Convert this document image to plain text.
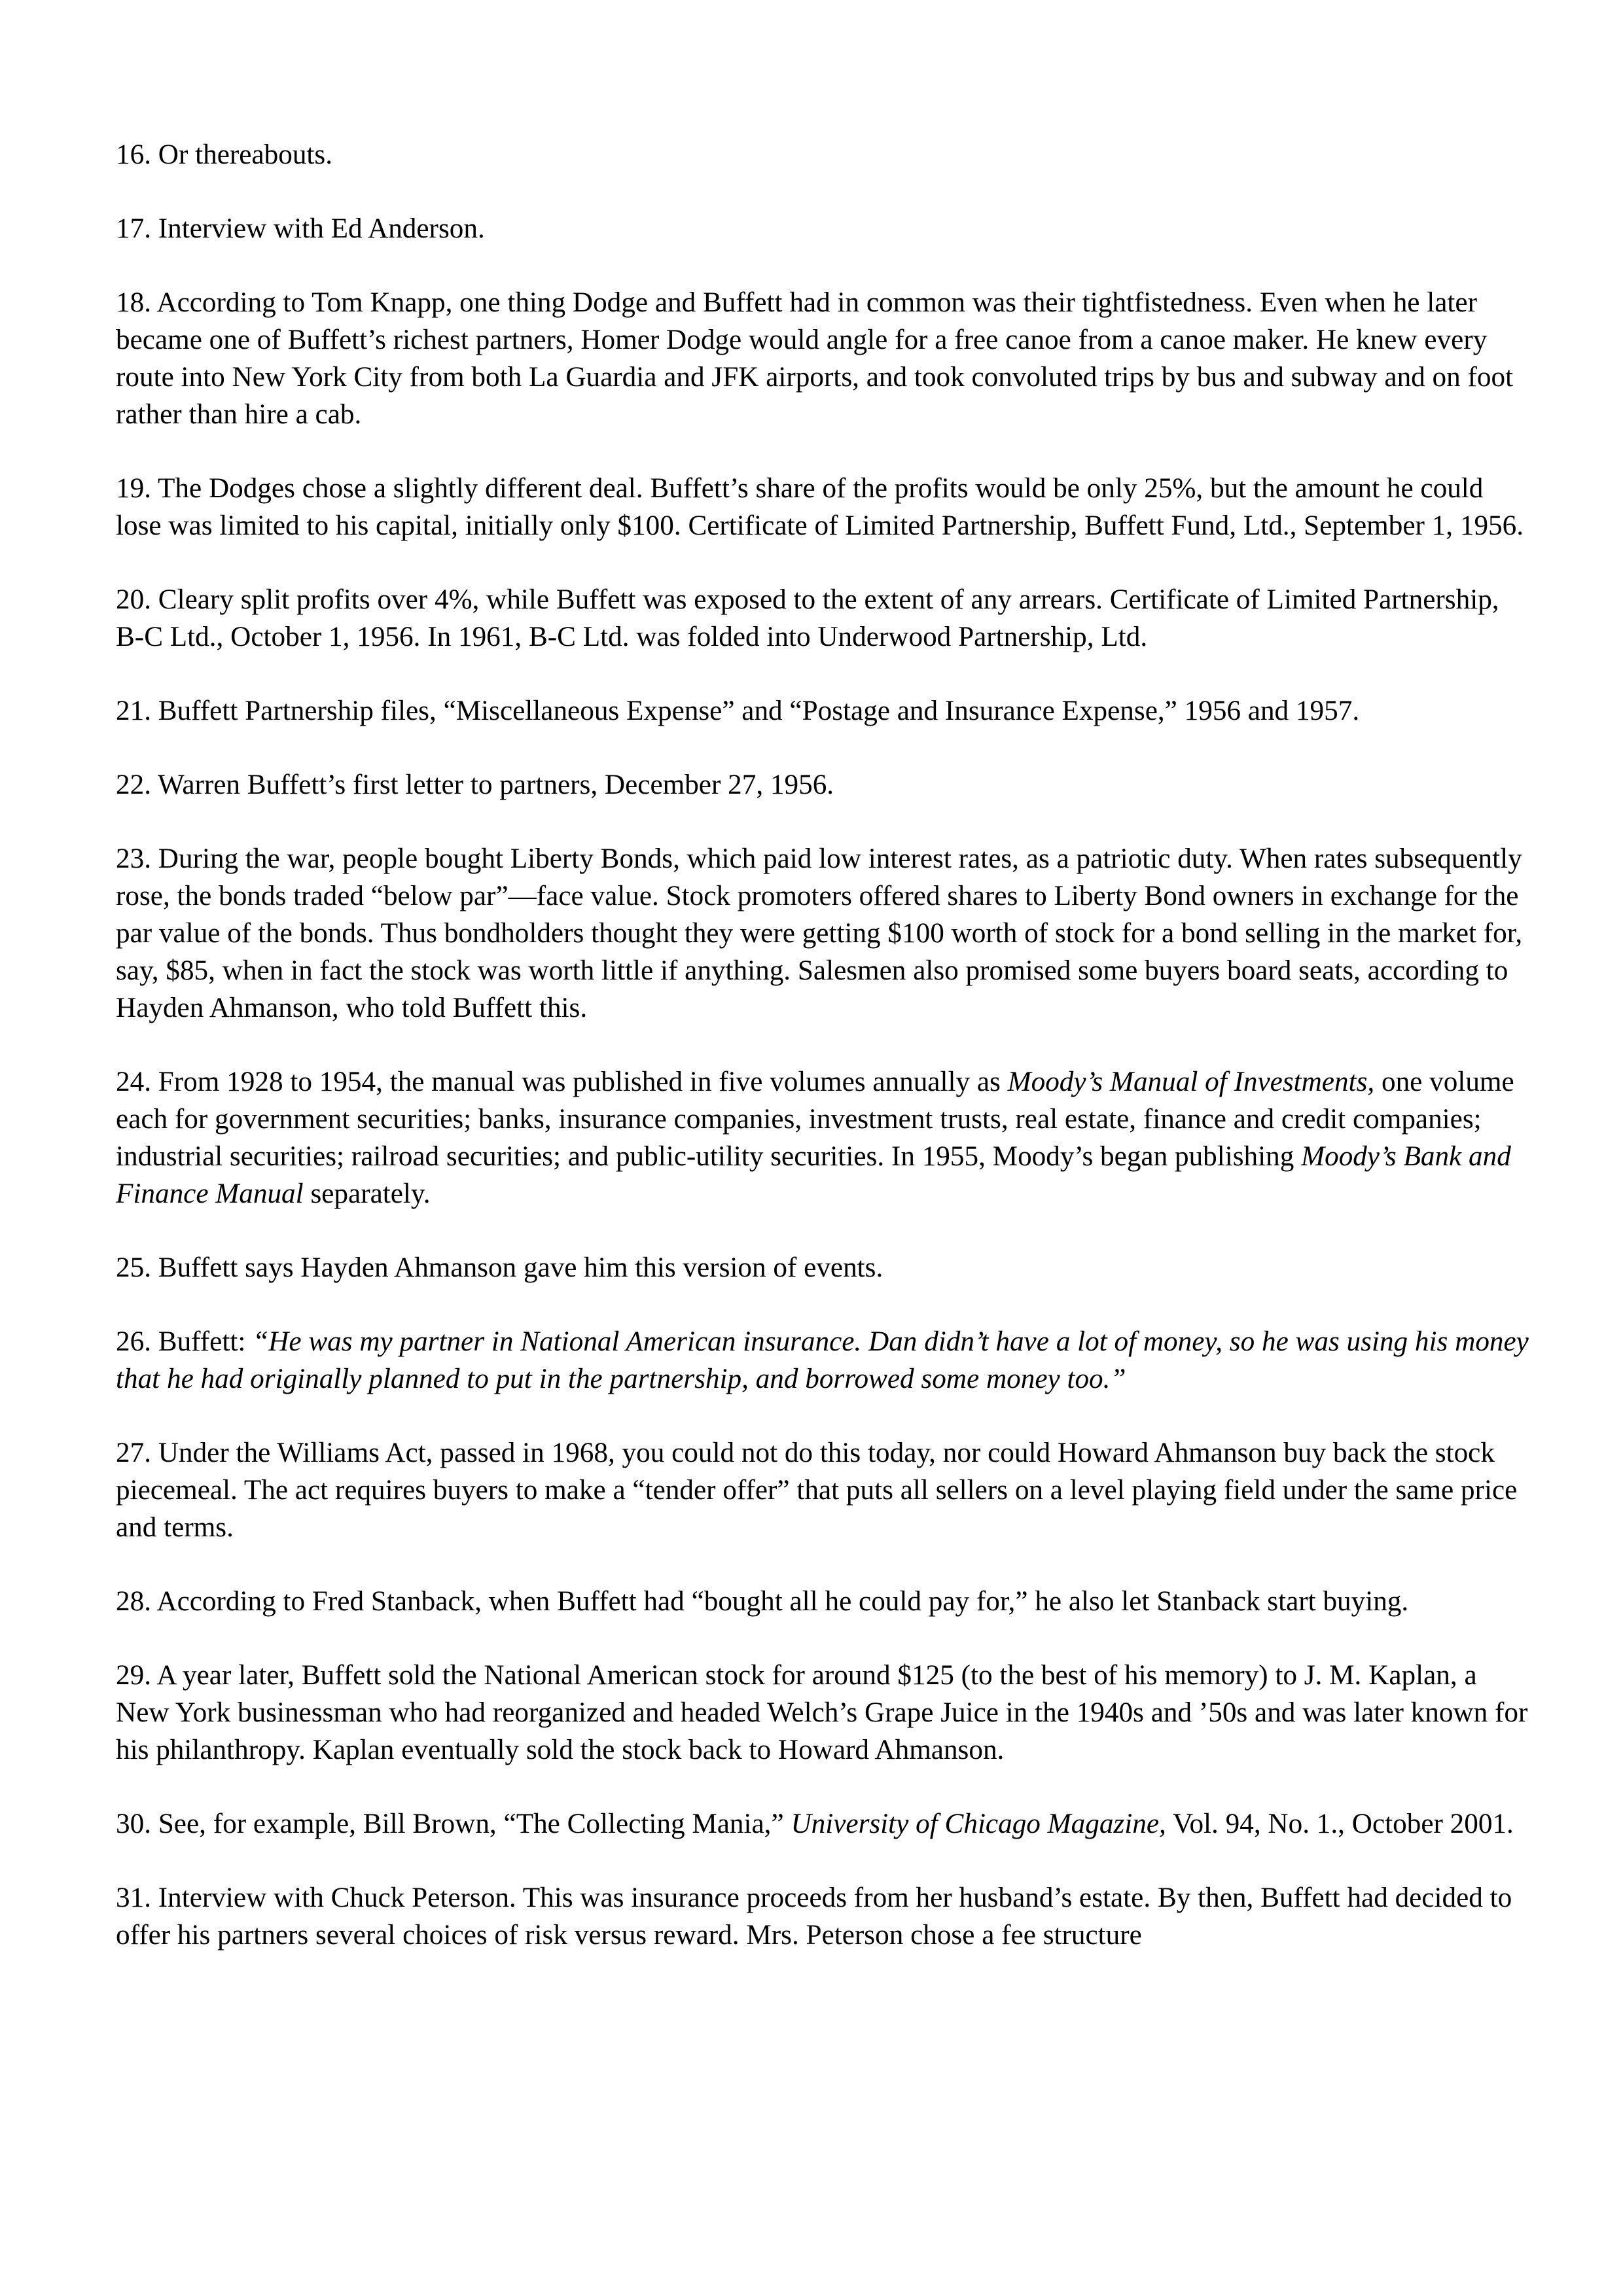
16. Or thereabouts.

17. Interview with Ed Anderson.

18. According to Tom Knapp, one thing Dodge and Buffett had in common was their tightfistedness. Even when he later became one of Buffett’s richest partners, Homer Dodge would angle for a free canoe from a canoe maker. He knew every route into New York City from both La Guardia and JFK airports, and took convoluted trips by bus and subway and on foot rather than hire a cab.

19. The Dodges chose a slightly different deal. Buffett’s share of the profits would be only 25%, but the amount he could lose was limited to his capital, initially only $100. Certificate of Limited Partnership, Buffett Fund, Ltd., September 1, 1956.

20. Cleary split profits over 4%, while Buffett was exposed to the extent of any arrears. Certificate of Limited Partnership, B-C Ltd., October 1, 1956. In 1961, B-C Ltd. was folded into Underwood Partnership, Ltd.

21. Buffett Partnership files, “Miscellaneous Expense” and “Postage and Insurance Expense,” 1956 and 1957.

22. Warren Buffett’s first letter to partners, December 27, 1956.

23. During the war, people bought Liberty Bonds, which paid low interest rates, as a patriotic duty. When rates subsequently rose, the bonds traded “below par”—face value. Stock promoters offered shares to Liberty Bond owners in exchange for the par value of the bonds. Thus bondholders thought they were getting $100 worth of stock for a bond selling in the market for, say, $85, when in fact the stock was worth little if anything. Salesmen also promised some buyers board seats, according to Hayden Ahmanson, who told Buffett this.

24. From 1928 to 1954, the manual was published in five volumes annually as Moody’s Manual of Investments, one volume each for government securities; banks, insurance companies, investment trusts, real estate, finance and credit companies; industrial securities; railroad securities; and public-utility securities. In 1955, Moody’s began publishing Moody’s Bank and Finance Manual separately.

25. Buffett says Hayden Ahmanson gave him this version of events.

26. Buffett: “He was my partner in National American insurance. Dan didn’t have a lot of money, so he was using his money that he had originally planned to put in the partnership, and borrowed some money too.”

27. Under the Williams Act, passed in 1968, you could not do this today, nor could Howard Ahmanson buy back the stock piecemeal. The act requires buyers to make a “tender offer” that puts all sellers on a level playing field under the same price and terms.

28. According to Fred Stanback, when Buffett had “bought all he could pay for,” he also let Stanback start buying.

29. A year later, Buffett sold the National American stock for around $125 (to the best of his memory) to J. M. Kaplan, a New York businessman who had reorganized and headed Welch’s Grape Juice in the 1940s and ’50s and was later known for his philanthropy. Kaplan eventually sold the stock back to Howard Ahmanson.

30. See, for example, Bill Brown, “The Collecting Mania,” University of Chicago Magazine, Vol. 94, No. 1., October 2001.

31. Interview with Chuck Peterson. This was insurance proceeds from her husband’s estate. By then, Buffett had decided to offer his partners several choices of risk versus reward. Mrs. Peterson chose a fee structure
